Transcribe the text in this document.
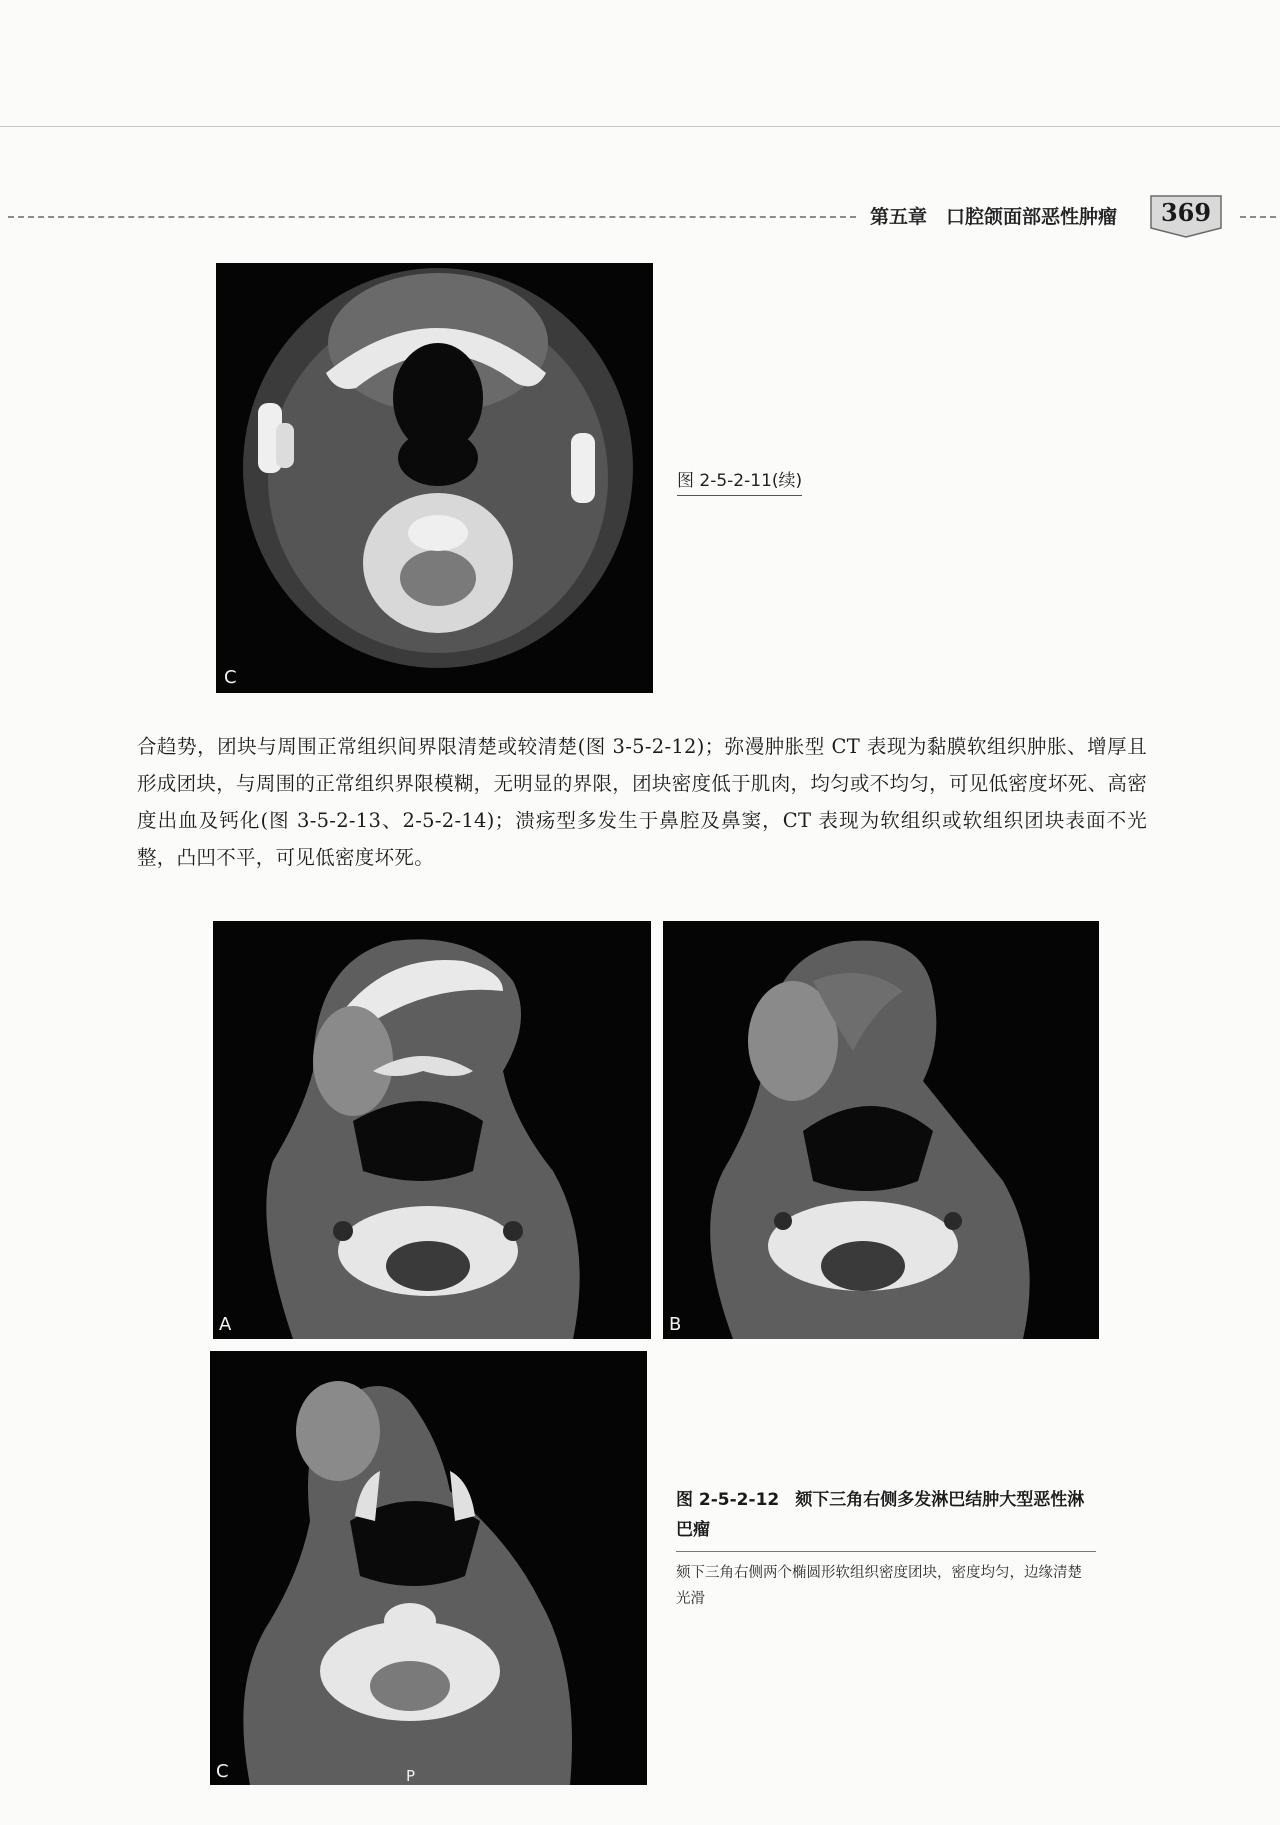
第五章　口腔颌面部恶性肿瘤	369
C
图 2-5-2-11(续)
合趋势，团块与周围正常组织间界限清楚或较清楚(图 3-5-2-12)；弥漫肿胀型 CT 表现为黏膜软组织肿胀、增厚且形成团块，与周围的正常组织界限模糊，无明显的界限，团块密度低于肌肉，均匀或不均匀，可见低密度坏死、高密度出血及钙化(图 3-5-2-13、2-5-2-14)；溃疡型多发生于鼻腔及鼻窦，CT 表现为软组织或软组织团块表面不光整，凸凹不平，可见低密度坏死。
A	B
C	P
图 2-5-2-12 颏下三角右侧多发淋巴结肿大型恶性淋巴瘤
颏下三角右侧两个椭圆形软组织密度团块，密度均匀，边缘清楚光滑
